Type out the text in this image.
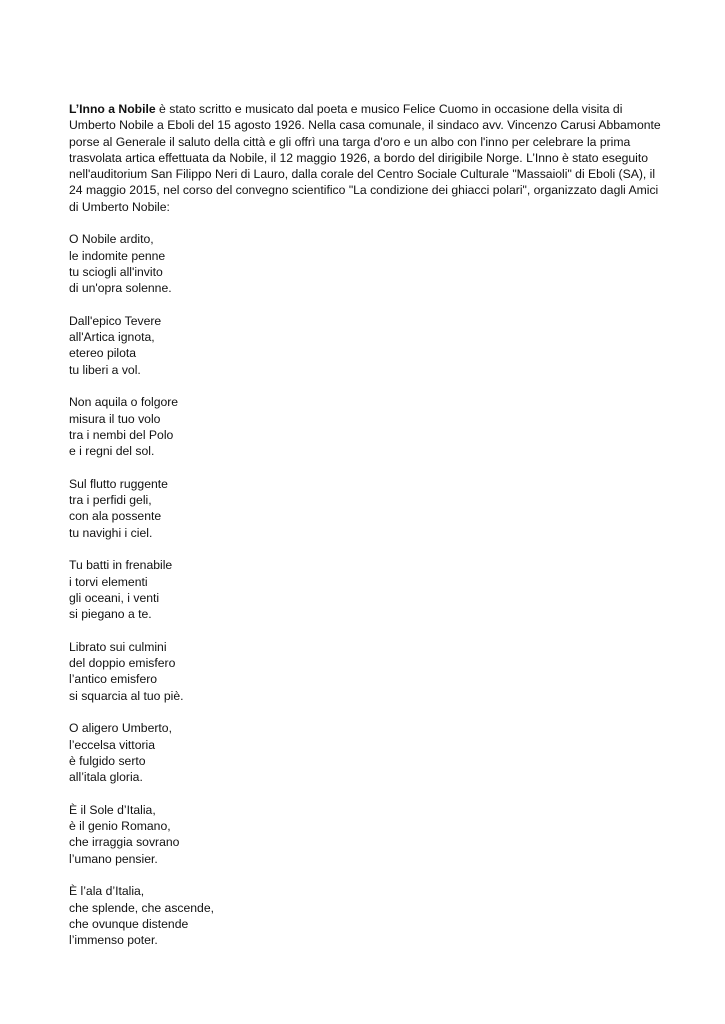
L’Inno a Nobile è stato scritto e musicato dal poeta e musico Felice Cuomo in occasione della visita di Umberto Nobile a Eboli del 15 agosto 1926. Nella casa comunale, il sindaco avv. Vincenzo Carusi Abbamonte porse al Generale il saluto della città e gli offrì una targa d'oro e un albo con l'inno per celebrare la prima trasvolata artica effettuata da Nobile, il 12 maggio 1926, a bordo del dirigibile Norge. L’Inno è stato eseguito nell'auditorium San Filippo Neri di Lauro, dalla corale del Centro Sociale Culturale "Massaioli" di Eboli (SA), il 24 maggio 2015, nel corso del convegno scientifico "La condizione dei ghiacci polari", organizzato dagli Amici di Umberto Nobile:

O Nobile ardito,
le indomite penne
tu sciogli all'invito
di un'opra solenne.
Dall'epico Tevere
all'Artica ignota,
etereo pilota
tu liberi a vol.
Non aquila o folgore
misura il tuo volo
tra i nembi del Polo
e i regni del sol.
Sul flutto ruggente
tra i perfidi geli,
con ala possente
tu navighi i ciel.
Tu batti in frenabile
i torvi elementi
gli oceani, i venti
si piegano a te.
Librato sui culmini
del doppio emisfero
l’antico emisfero
si squarcia al tuo piè.
O aligero Umberto,
l’eccelsa vittoria
è fulgido serto
all’itala gloria.
È il Sole d’Italia,
è il genio Romano,
che irraggia sovrano
l’umano pensier.
È l’ala d’Italia,
che splende, che ascende,
che ovunque distende
l’immenso poter.
